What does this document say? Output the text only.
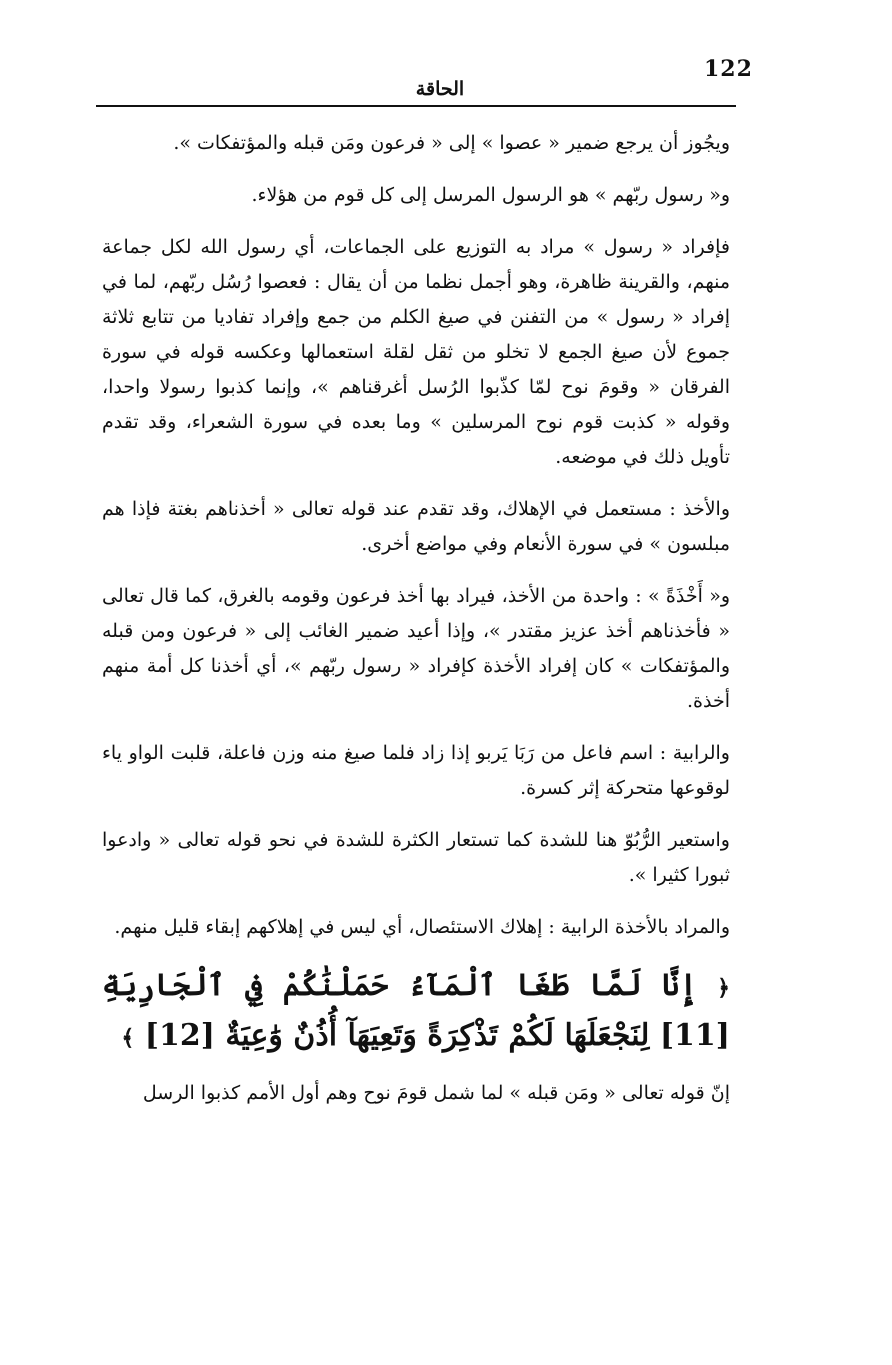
122
الحاقة

ويجُوز أن يرجع ضمير « عصوا » إلى « فرعون ومَن قبله والمؤتفكات ».

و« رسول ربّهم » هو الرسول المرسل إلى كل قوم من هؤلاء.

فإفراد « رسول » مراد به التوزيع على الجماعات، أي رسول الله لكل جماعة منهم، والقرينة ظاهرة، وهو أجمل نظما من أن يقال : فعصوا رُسُل ربّهم، لما في إفراد « رسول » من التفنن في صيغ الكلم من جمع وإفراد تفاديا من تتابع ثلاثة جموع لأن صيغ الجمع لا تخلو من ثقل لقلة استعمالها وعكسه قوله في سورة الفرقان « وقومَ نوح لمّا كذّبوا الرُسل أغرقناهم »، وإنما كذبوا رسولا واحدا، وقوله « كذبت قوم نوح المرسلين » وما بعده في سورة الشعراء، وقد تقدم تأويل ذلك في موضعه.

والأخذ : مستعمل في الإهلاك، وقد تقدم عند قوله تعالى « أخذناهم بغتة فإذا هم مبلسون » في سورة الأنعام وفي مواضع أخرى.

و« أَخْذَةً » : واحدة من الأخذ، فيراد بها أخذ فرعون وقومه بالغرق، كما قال تعالى « فأخذناهم أخذ عزيز مقتدر »، وإذا أعيد ضمير الغائب إلى « فرعون ومن قبله والمؤتفكات » كان إفراد الأخذة كإفراد « رسول ربّهم »، أي أخذنا كل أمة منهم أخذة.

والرابية : اسم فاعل من رَبَا يَربو إذا زاد فلما صيغ منه وزن فاعلة، قلبت الواو ياء لوقوعها متحركة إثر كسرة.

واستعير الرُّبُوّ هنا للشدة كما تستعار الكثرة للشدة في نحو قوله تعالى « وادعوا ثبورا كثيرا ».

والمراد بالأخذة الرابية : إهلاك الاستئصال، أي ليس في إهلاكهم إبقاء قليل منهم.

﴿ إِنَّا لَمَّا طَغَا ٱلْمَآءُ حَمَلْنَٰكُمْ فِي ٱلْجَارِيَةِ [11] لِنَجْعَلَهَا لَكُمْ تَذْكِرَةً وَتَعِيَهَآ أُذُنٌ وَٰعِيَةٌ [12] ﴾

إنّ قوله تعالى « ومَن قبله » لما شمل قومَ نوح وهم أول الأمم كذبوا الرسل
